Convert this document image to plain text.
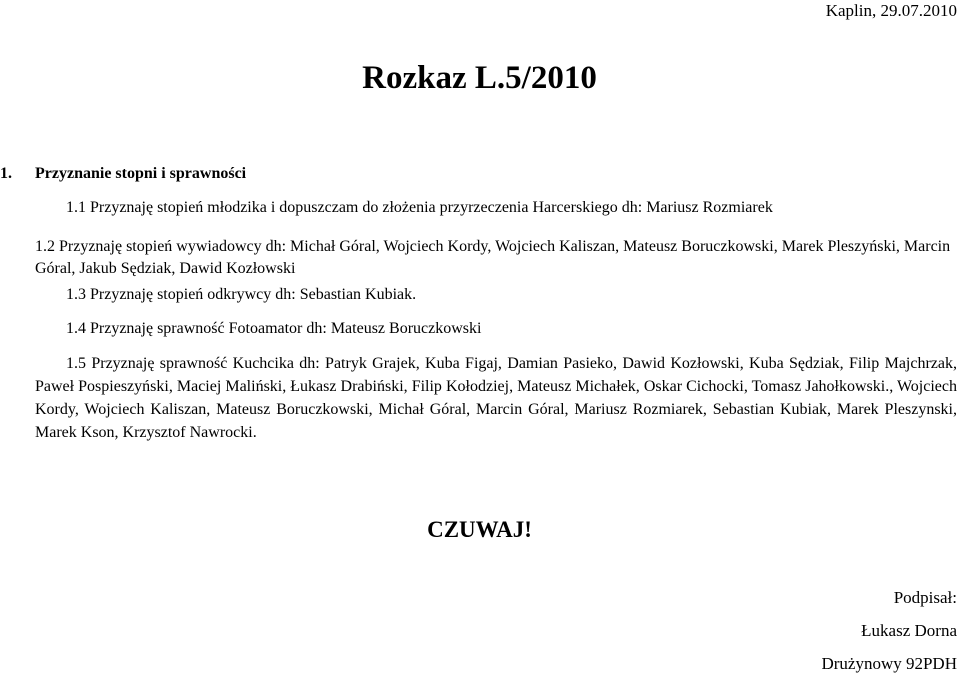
Kaplin, 29.07.2010
Rozkaz L.5/2010
1. Przyznanie stopni i sprawności
1.1 Przyznaję stopień młodzika i dopuszczam do złożenia przyrzeczenia Harcerskiego dh: Mariusz Rozmiarek
1.2 Przyznaję stopień wywiadowcy dh: Michał Góral, Wojciech Kordy, Wojciech Kaliszan, Mateusz Boruczkowski, Marek Pleszyński, Marcin Góral, Jakub Sędziak, Dawid Kozłowski
1.3 Przyznaję stopień odkrywcy dh: Sebastian Kubiak.
1.4 Przyznaję sprawność Fotoamator dh: Mateusz Boruczkowski
1.5 Przyznaję sprawność Kuchcika dh: Patryk Grajek, Kuba Figaj, Damian Pasieko, Dawid Kozłowski, Kuba Sędziak, Filip Majchrzak, Paweł Pospieszyński, Maciej Maliński, Łukasz Drabiński, Filip Kołodziej, Mateusz Michałek, Oskar Cichocki, Tomasz Jahołkowski., Wojciech Kordy, Wojciech Kaliszan, Mateusz Boruczkowski, Michał Góral, Marcin Góral, Mariusz Rozmiarek, Sebastian Kubiak, Marek Pleszynski, Marek Kson, Krzysztof Nawrocki.
CZUWAJ!
Podpisał:
Łukasz Dorna
Drużynowy 92PDH
